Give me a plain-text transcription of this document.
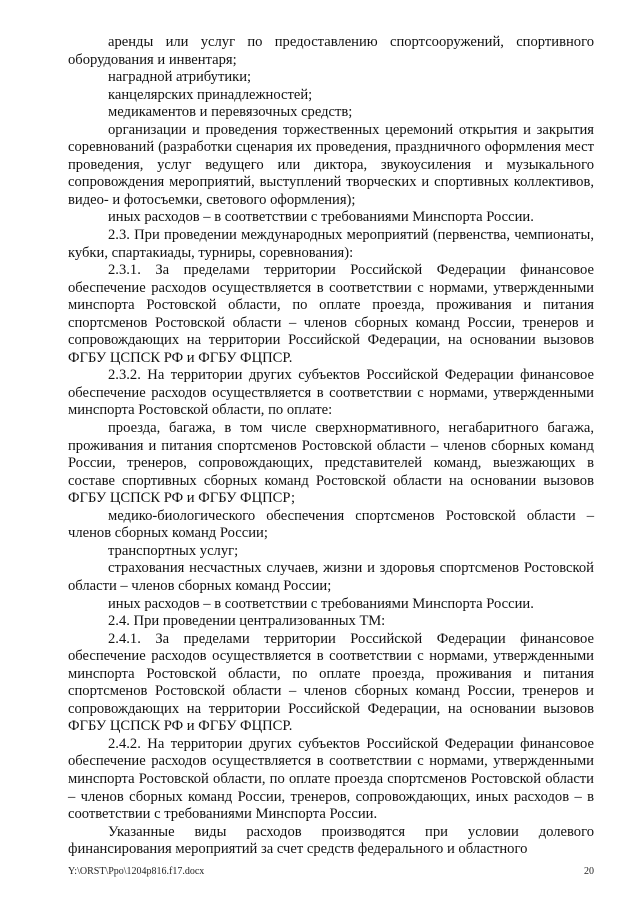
аренды или услуг по предоставлению спортсооружений, спортивного оборудования и инвентаря;

наградной атрибутики;

канцелярских принадлежностей;

медикаментов и перевязочных средств;

организации и проведения торжественных церемоний открытия и закрытия соревнований (разработки сценария их проведения, праздничного оформления мест проведения, услуг ведущего или диктора, звукоусиления и музыкального сопровождения мероприятий, выступлений творческих и спортивных коллективов, видео- и фотосъемки, светового оформления);

иных расходов – в соответствии с требованиями Минспорта России.

2.3. При проведении международных мероприятий (первенства, чемпионаты, кубки, спартакиады, турниры, соревнования):

2.3.1. За пределами территории Российской Федерации финансовое обеспечение расходов осуществляется в соответствии с нормами, утвержденными минспорта Ростовской области, по оплате проезда, проживания и питания спортсменов Ростовской области – членов сборных команд России, тренеров и сопровождающих на территории Российской Федерации, на основании вызовов ФГБУ ЦСПСК РФ и ФГБУ ФЦПСР.

2.3.2. На территории других субъектов Российской Федерации финансовое обеспечение расходов осуществляется в соответствии с нормами, утвержденными минспорта Ростовской области, по оплате:

проезда, багажа, в том числе сверхнормативного, негабаритного багажа, проживания и питания спортсменов Ростовской области – членов сборных команд России, тренеров, сопровождающих, представителей команд, выезжающих в составе спортивных сборных команд Ростовской области на основании вызовов ФГБУ ЦСПСК РФ и ФГБУ ФЦПСР;

медико-биологического обеспечения спортсменов Ростовской области – членов сборных команд России;

транспортных услуг;

страхования несчастных случаев, жизни и здоровья спортсменов Ростовской области – членов сборных команд России;

иных расходов – в соответствии с требованиями Минспорта России.

2.4. При проведении централизованных ТМ:

2.4.1. За пределами территории Российской Федерации финансовое обеспечение расходов осуществляется в соответствии с нормами, утвержденными минспорта Ростовской области, по оплате проезда, проживания и питания спортсменов Ростовской области – членов сборных команд России, тренеров и сопровождающих на территории Российской Федерации, на основании вызовов ФГБУ ЦСПСК РФ и ФГБУ ФЦПСР.

2.4.2. На территории других субъектов Российской Федерации финансовое обеспечение расходов осуществляется в соответствии с нормами, утвержденными минспорта Ростовской области, по оплате проезда спортсменов Ростовской области – членов сборных команд России, тренеров, сопровождающих, иных расходов – в соответствии с требованиями Минспорта России.

Указанные виды расходов производятся при условии долевого финансирования мероприятий за счет средств федерального и областного

Y:\ORST\Ppo\1204p816.f17.docx	20
